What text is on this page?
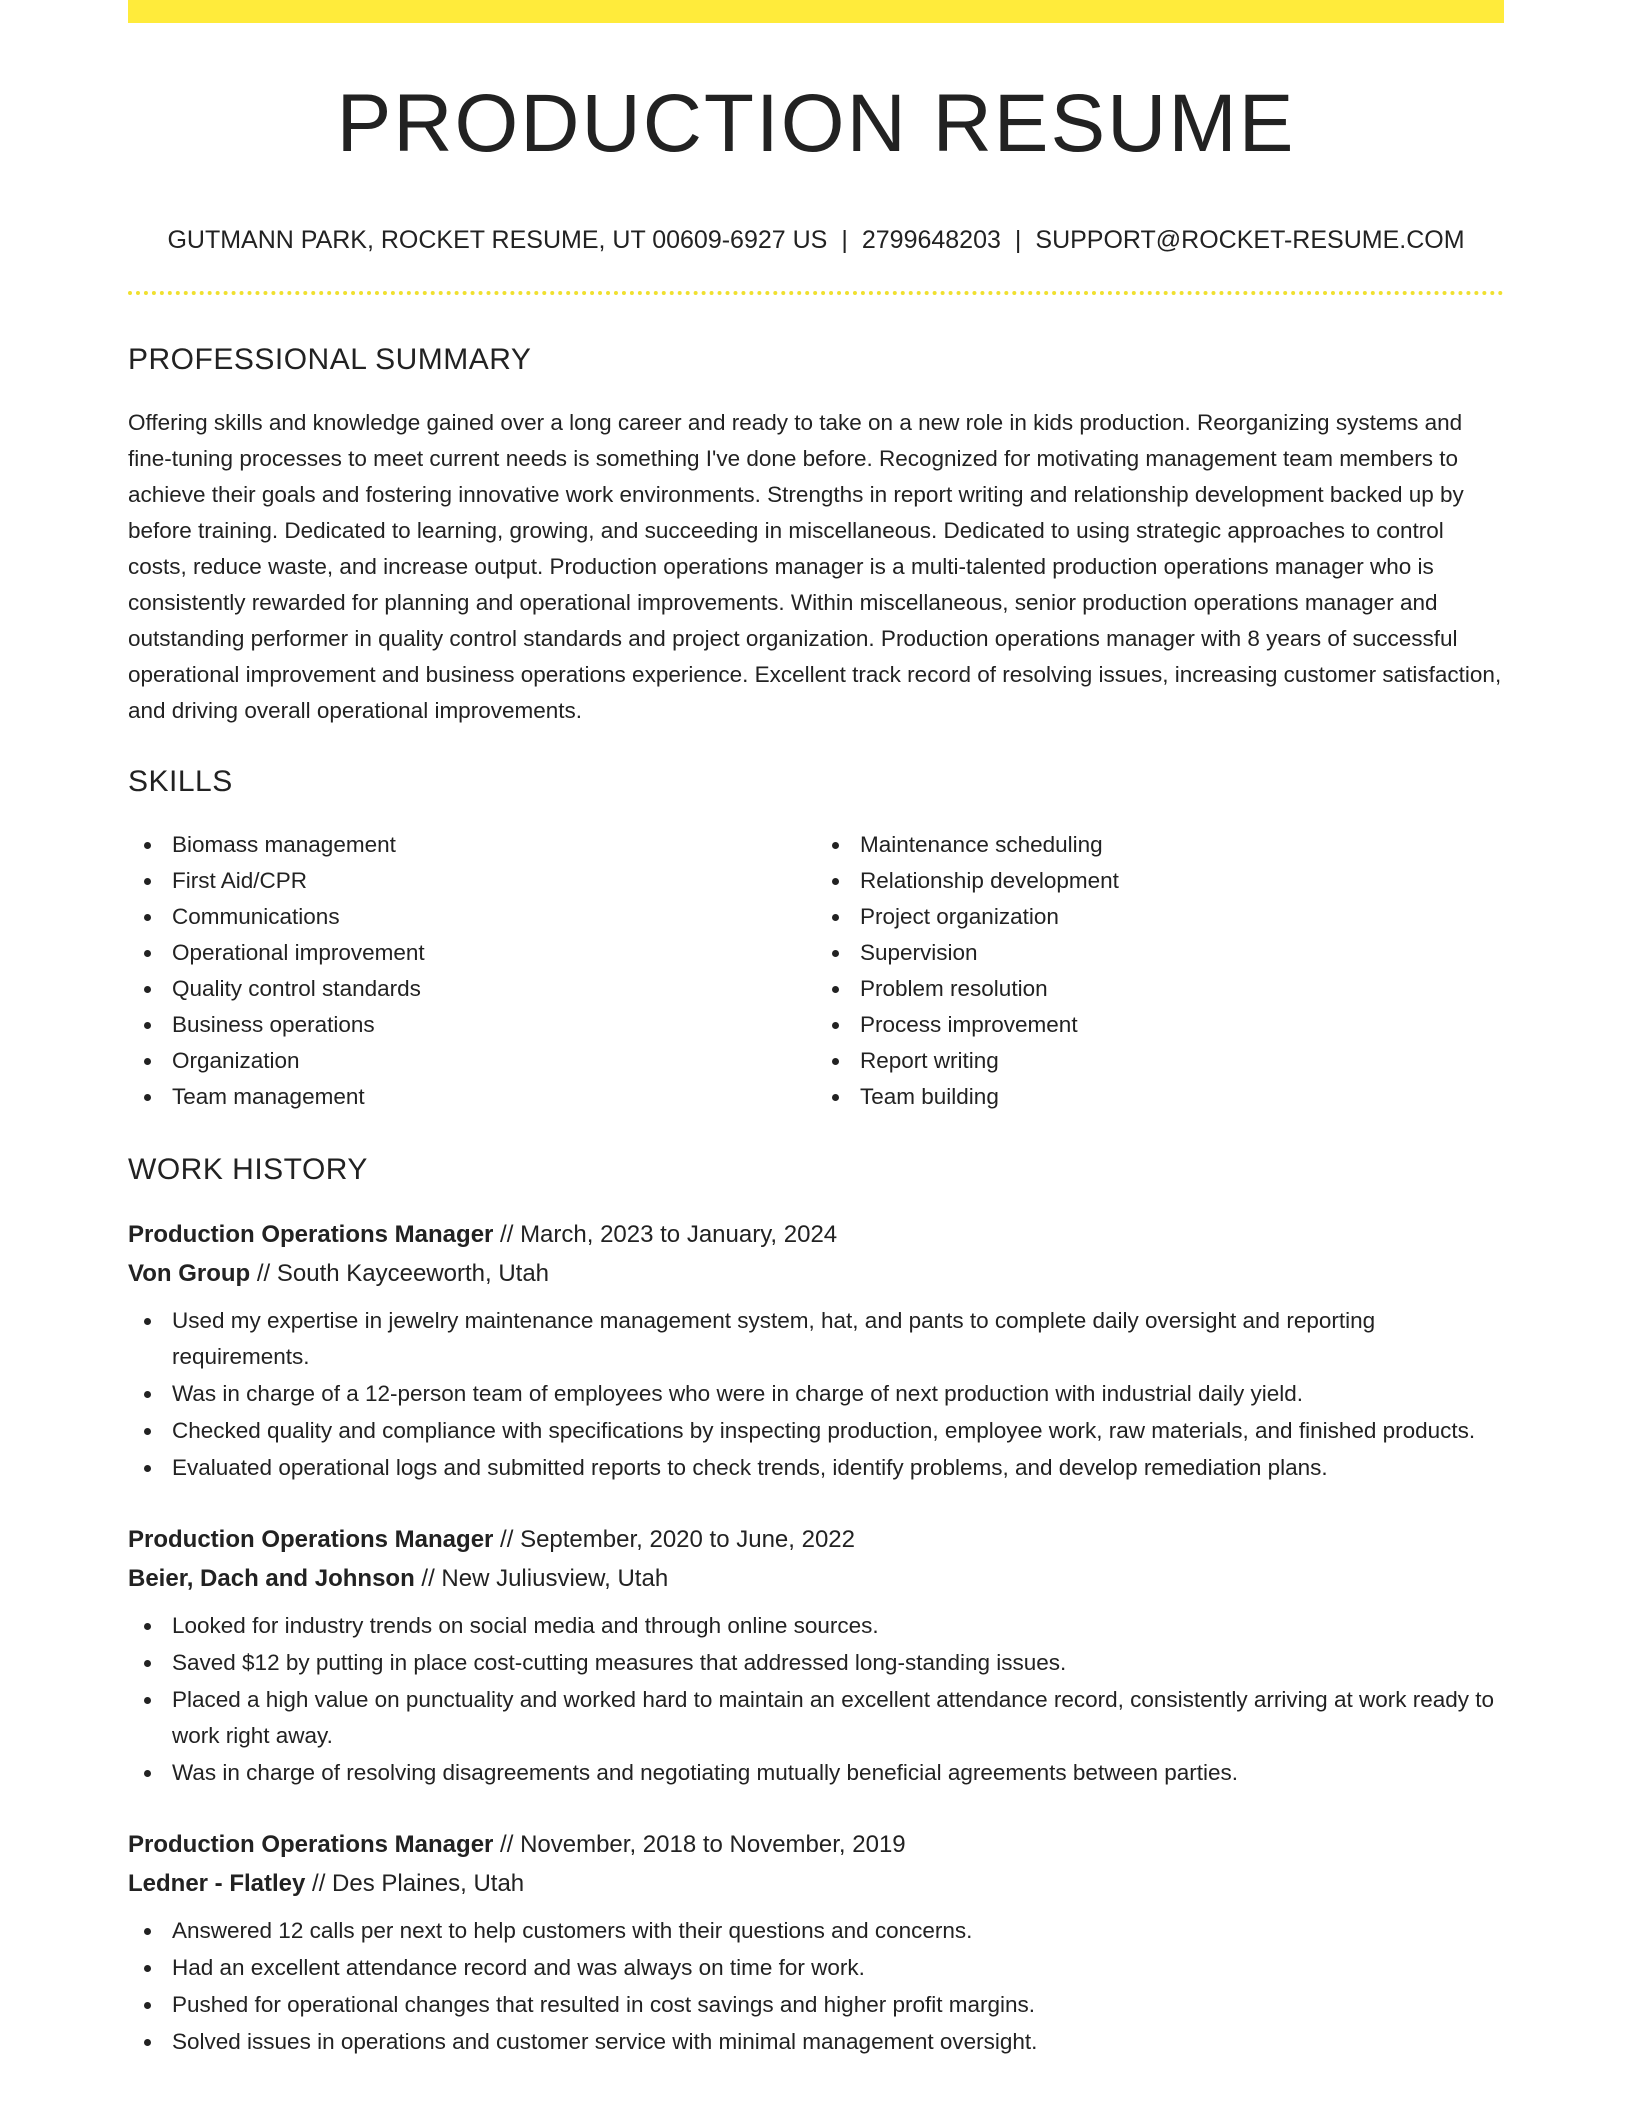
PRODUCTION RESUME
GUTMANN PARK, ROCKET RESUME, UT 00609-6927 US | 2799648203 | SUPPORT@ROCKET-RESUME.COM
PROFESSIONAL SUMMARY

Offering skills and knowledge gained over a long career and ready to take on a new role in kids production. Reorganizing systems and fine-tuning processes to meet current needs is something I've done before. Recognized for motivating management team members to achieve their goals and fostering innovative work environments. Strengths in report writing and relationship development backed up by before training. Dedicated to learning, growing, and succeeding in miscellaneous. Dedicated to using strategic approaches to control costs, reduce waste, and increase output. Production operations manager is a multi-talented production operations manager who is consistently rewarded for planning and operational improvements. Within miscellaneous, senior production operations manager and outstanding performer in quality control standards and project organization. Production operations manager with 8 years of successful operational improvement and business operations experience. Excellent track record of resolving issues, increasing customer satisfaction, and driving overall operational improvements.

SKILLS
Biomass management
First Aid/CPR
Communications
Operational improvement
Quality control standards
Business operations
Organization
Team management
Maintenance scheduling
Relationship development
Project organization
Supervision
Problem resolution
Process improvement
Report writing
Team building
WORK HISTORY
Production Operations Manager // March, 2023 to January, 2024
Von Group // South Kayceeworth, Utah
Used my expertise in jewelry maintenance management system, hat, and pants to complete daily oversight and reporting requirements.
Was in charge of a 12-person team of employees who were in charge of next production with industrial daily yield.
Checked quality and compliance with specifications by inspecting production, employee work, raw materials, and finished products.
Evaluated operational logs and submitted reports to check trends, identify problems, and develop remediation plans.
Production Operations Manager // September, 2020 to June, 2022
Beier, Dach and Johnson // New Juliusview, Utah
Looked for industry trends on social media and through online sources.
Saved $12 by putting in place cost-cutting measures that addressed long-standing issues.
Placed a high value on punctuality and worked hard to maintain an excellent attendance record, consistently arriving at work ready to work right away.
Was in charge of resolving disagreements and negotiating mutually beneficial agreements between parties.
Production Operations Manager // November, 2018 to November, 2019
Ledner - Flatley // Des Plaines, Utah
Answered 12 calls per next to help customers with their questions and concerns.
Had an excellent attendance record and was always on time for work.
Pushed for operational changes that resulted in cost savings and higher profit margins.
Solved issues in operations and customer service with minimal management oversight.
